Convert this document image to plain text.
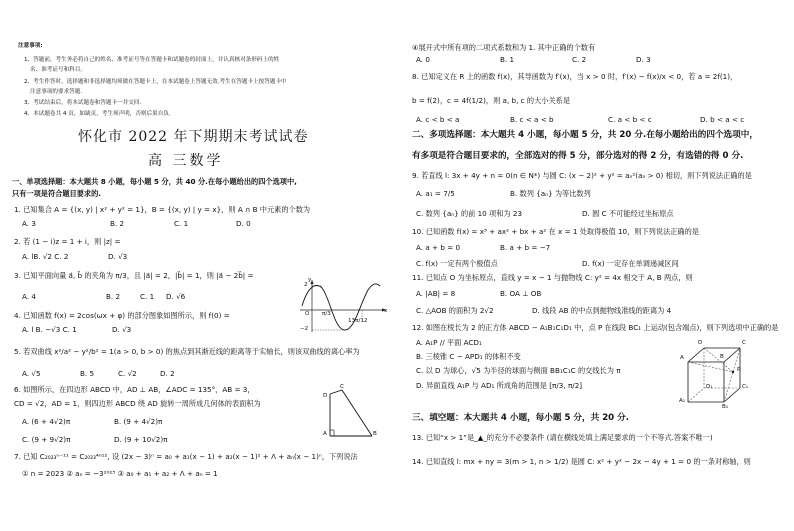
注意事项:
1、答题前，考生务必将自己的姓名、准考证号等在答题卡和试题卷的封面上，并认真核对条形码上的姓
名、准考证号和科目。
2、考生作答时，选择题和非选择题均须做在答题卡上，在本试题卷上答题无效.考生在答题卡上按答题卡中
注意事项的要求答题.
3、考试结束后，将本试题卷和答题卡一并交回.
4、本试题卷共 4 页，如缺页，考生须声明，否则后果自负.
怀化市 2022 年下期期末考试试卷
高 三数学
一、单项选择题：本大题共 8 小题，每小题 5 分，共 40 分.在每小题给出的四个选项中,
只有一项是符合题目要求的.
1. 已知集合 A = {(x, y) | x² + y² = 1}，B = {(x, y) | y = x}，则 A ∩ B 中元素的个数为
A. 3	B. 2	C. 1	D. 0
2. 若 (1 − i)z = 1 + i，则 |z| =
A. lB. √2 C. 2	D. √3
3. 已知平面向量 a⃗, b⃗ 的夹角为 π/3，且 |a⃗| = 2，|b⃗| = 1，则 |a⃗ − 2b⃗| =
A. 4	B. 2	C. 1 D. √6
4. 已知函数 f(x) = 2cos(ωx + φ) 的部分图象如图所示，则 f(0) =
A. l B. −√3 C. 1	D. √3
y
x
2
−2
O π/3
13π/12
5. 若双曲线 x²/a² − y²/b² = 1(a > 0, b > 0) 的焦点到其渐近线的距离等于实轴长，则该双曲线的离心率为
A. √5	B. 5	C. √2	D. 2
6. 如图所示，在四边形 ABCD 中，AD ⊥ AB，∠ADC = 135°，AB = 3，
CD = √2，AD = 1，则四边形 ABCD 绕 AD 旋转一周所成几何体的表面积为
A. (6 + 4√2)π	B. (9 + 4√2)π
C. (9 + 9√2)π	D. (9 + 10√2)π
C
D
A	B
7. 已知 C₂₀₂₃ⁿ⁻¹¹ = C₂₀₂₃⁴⁰¹², 设 (2x − 3)ⁿ = a₀ + a₁(x − 1) + a₂(x − 1)² + Λ + aₙ(x − 1)ⁿ，下列说法
① n = 2023 ② aₙ = −3²⁰²³ ③ a₀ + a₁ + a₂ + Λ + aₙ = 1
④展开式中所有项的二项式系数和为 1. 其中正确的个数有
A. 0	B. 1	C. 2	D. 3
8. 已知定义在 R 上的函数 f(x)，其导函数为 f′(x)，当 x > 0 时，f′(x) − f(x)/x < 0，若 a = 2f(1)，
b = f(2)，c = 4f(1/2)，则 a, b, c 的大小关系是
A. c < b < a	B. c < a < b	C. a < b < c	D. b < a < c
二、多项选择题：本大题共 4 小题，每小题 5 分，共 20 分.在每小题给出的四个选项中，
有多项是符合题目要求的，全部选对的得 5 分，部分选对的得 2 分，有选错的得 0 分.
9. 若直线 l: 3x + 4y + n = 0(n ∈ N*) 与圆 C: (x − 2)² + y² = aₙ²(aₙ > 0) 相切，则下列说法正确的是
A. a₁ = 7/5	B. 数列 {aₙ} 为等比数列
C. 数列 {aₙ} 的前 10 项和为 23	D. 圆 C 不可能经过坐标原点
10. 已知函数 f(x) = x³ + ax² + bx + a² 在 x = 1 处取得极值 10，则下列说法正确的是
A. a + b = 0	B. a + b = −7
C. f(x) 一定有两个极值点	D. f(x) 一定存在单调递减区间
11. 已知点 O 为坐标原点，直线 y = x − 1 与抛物线 C: y² = 4x 相交于 A, B 两点，则
A. |AB| = 8	B. OA ⊥ OB
C. △AOB 的面积为 2√2	D. 线段 AB 的中点到抛物线准线的距离为 4
12. 如图在棱长为 2 的正方体 ABCD − A₁B₁C₁D₁ 中，点 P 在线段 BC₁ 上运动(包含端点)，则下列选项中正确的是
A. A₁P // 平面 ACD₁
B. 三棱锥 C − APD₁ 的体积不变
C. 以 D 为球心，√5 为半径的球面与侧面 BB₁C₁C 的交线长为 π
D. 异面直线 A₁P 与 AD₁ 所成角的范围是 [π/3, π/2]
D	C
A	B
P
D₁	C₁
A₁
B₁
三、填空题：本大题共 4 小题，每小题 5 分，共 20 分.
13. 已知“x > 1”是_▲_的充分不必要条件 (请在横线处填上满足要求的一个不等式.答案不唯一)
14. 已知直线 l: mx + ny = 3(m > 1, n > 1/2) 是圆 C: x² + y² − 2x − 4y + 1 = 0 的一条对称轴，则
